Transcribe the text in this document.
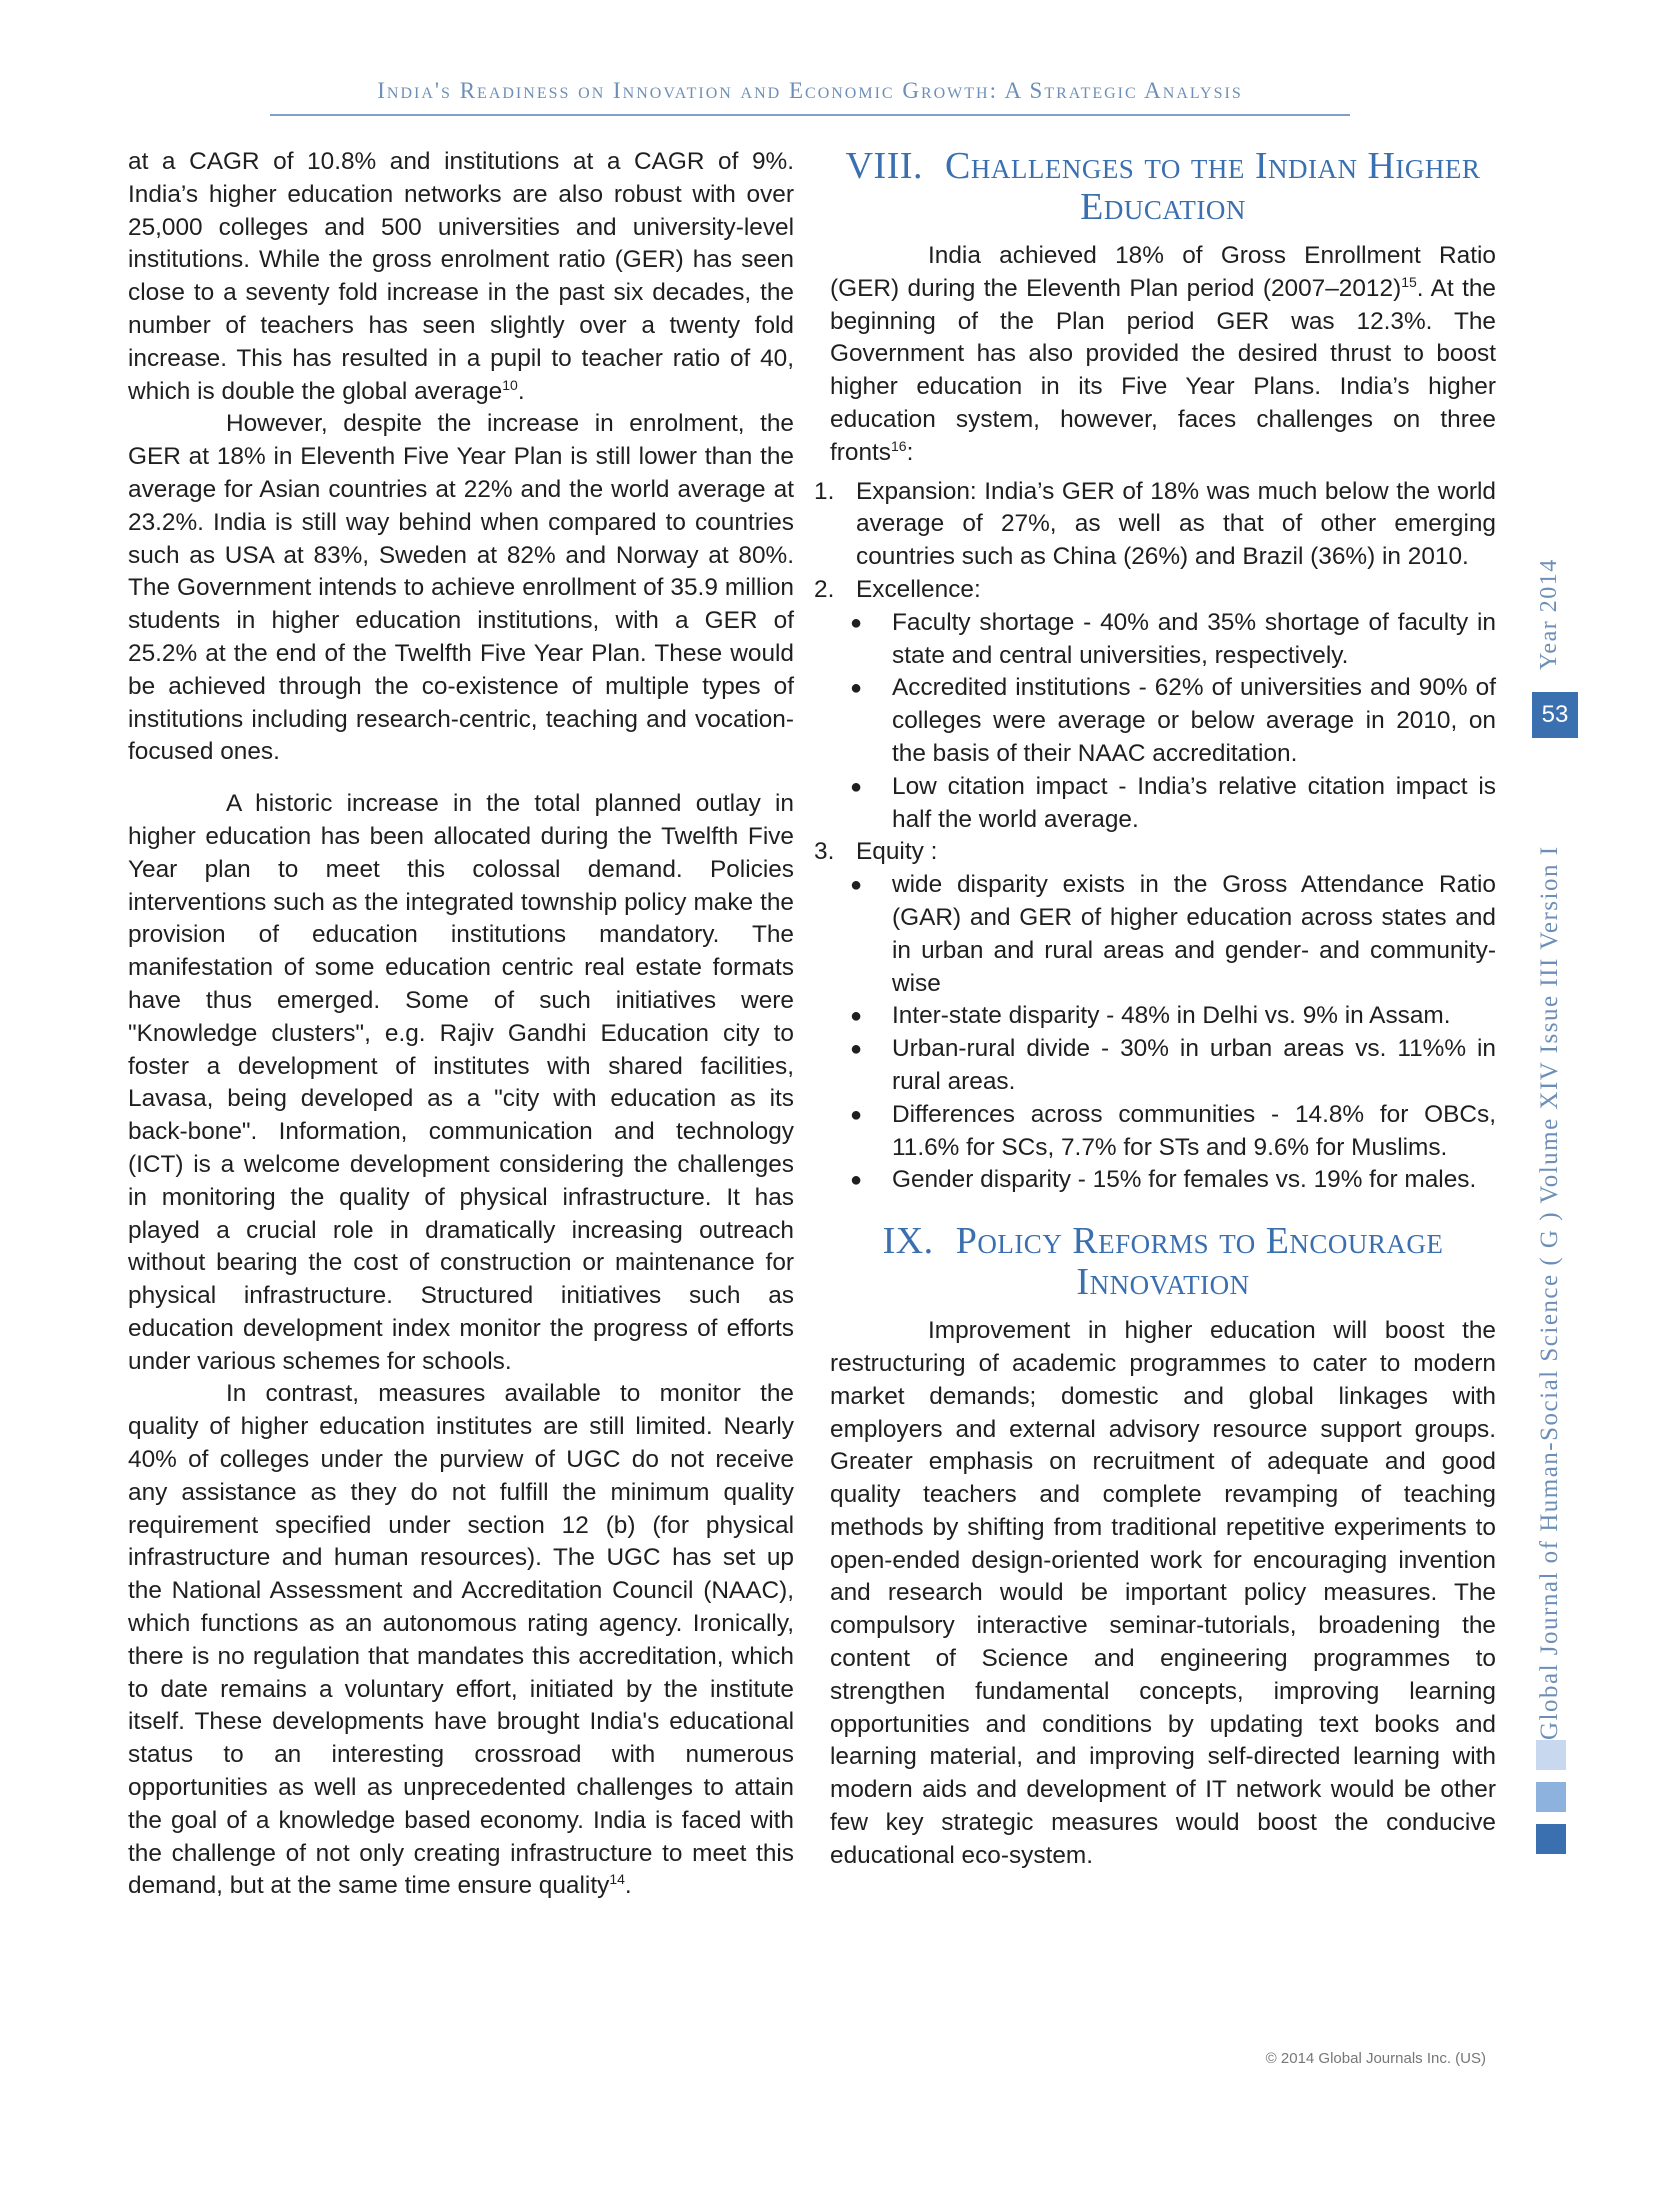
India's Readiness on Innovation and Economic Growth: A Strategic Analysis

at a CAGR of 10.8% and institutions at a CAGR of 9%. India’s higher education networks are also robust with over 25,000 colleges and 500 universities and university-level institutions. While the gross enrolment ratio (GER) has seen close to a seventy fold increase in the past six decades, the number of teachers has seen slightly over a twenty fold increase. This has resulted in a pupil to teacher ratio of 40, which is double the global average$^{10}$.

However, despite the increase in enrolment, the GER at 18% in Eleventh Five Year Plan is still lower than the average for Asian countries at 22% and the world average at 23.2%. India is still way behind when compared to countries such as USA at 83%, Sweden at 82% and Norway at 80%. The Government intends to achieve enrollment of 35.9 million students in higher education institutions, with a GER of 25.2% at the end of the Twelfth Five Year Plan. These would be achieved through the co-existence of multiple types of institutions including research-centric, teaching and vocation-focused ones.

A historic increase in the total planned outlay in higher education has been allocated during the Twelfth Five Year plan to meet this colossal demand. Policies interventions such as the integrated township policy make the provision of education institutions mandatory. The manifestation of some education centric real estate formats have thus emerged. Some of such initiatives were "Knowledge clusters", e.g. Rajiv Gandhi Education city to foster a development of institutes with shared facilities, Lavasa, being developed as a "city with education as its back-bone". Information, communication and technology (ICT) is a welcome development considering the challenges in monitoring the quality of physical infrastructure. It has played a crucial role in dramatically increasing outreach without bearing the cost of construction or maintenance for physical infrastructure. Structured initiatives such as education development index monitor the progress of efforts under various schemes for schools.

In contrast, measures available to monitor the quality of higher education institutes are still limited. Nearly 40% of colleges under the purview of UGC do not receive any assistance as they do not fulfill the minimum quality requirement specified under section 12 (b) (for physical infrastructure and human resources). The UGC has set up the National Assessment and Accreditation Council (NAAC), which functions as an autonomous rating agency. Ironically, there is no regulation that mandates this accreditation, which to date remains a voluntary effort, initiated by the institute itself. These developments have brought India's educational status to an interesting crossroad with numerous opportunities as well as unprecedented challenges to attain the goal of a knowledge based economy. India is faced with the challenge of not only creating infrastructure to meet this demand, but at the same time ensure quality$^{14}$.

VIII. Challenges to the Indian Higher Education

India achieved 18% of Gross Enrollment Ratio (GER) during the Eleventh Plan period (2007–2012)$^{15}$. At the beginning of the Plan period GER was 12.3%. The Government has also provided the desired thrust to boost higher education in its Five Year Plans. India’s higher education system, however, faces challenges on three fronts$^{16}$:

1. Expansion: India’s GER of 18% was much below the world average of 27%, as well as that of other emerging countries such as China (26%) and Brazil (36%) in 2010.
2. Excellence:
● Faculty shortage - 40% and 35% shortage of faculty in state and central universities, respectively.
● Accredited institutions - 62% of universities and 90% of colleges were average or below average in 2010, on the basis of their NAAC accreditation.
● Low citation impact - India’s relative citation impact is half the world average.
3. Equity :
● wide disparity exists in the Gross Attendance Ratio (GAR) and GER of higher education across states and in urban and rural areas and gender- and community-wise
● Inter-state disparity - 48% in Delhi vs. 9% in Assam.
● Urban-rural divide - 30% in urban areas vs. 11%% in rural areas.
● Differences across communities - 14.8% for OBCs, 11.6% for SCs, 7.7% for STs and 9.6% for Muslims.
● Gender disparity - 15% for females vs. 19% for males.
IX. Policy Reforms to Encourage Innovation

Improvement in higher education will boost the restructuring of academic programmes to cater to modern market demands; domestic and global linkages with employers and external advisory resource support groups. Greater emphasis on recruitment of adequate and good quality teachers and complete revamping of teaching methods by shifting from traditional repetitive experiments to open-ended design-oriented work for encouraging invention and research would be important policy measures. The compulsory interactive seminar-tutorials, broadening the content of Science and engineering programmes to strengthen fundamental concepts, improving learning opportunities and conditions by updating text books and learning material, and improving self-directed learning with modern aids and development of IT network would be other few key strategic measures would boost the conducive educational eco-system.

Year 2014
53
Global Journal of Human-Social Science ( G ) Volume XIV Issue III Version I
© 2014 Global Journals Inc. (US)
